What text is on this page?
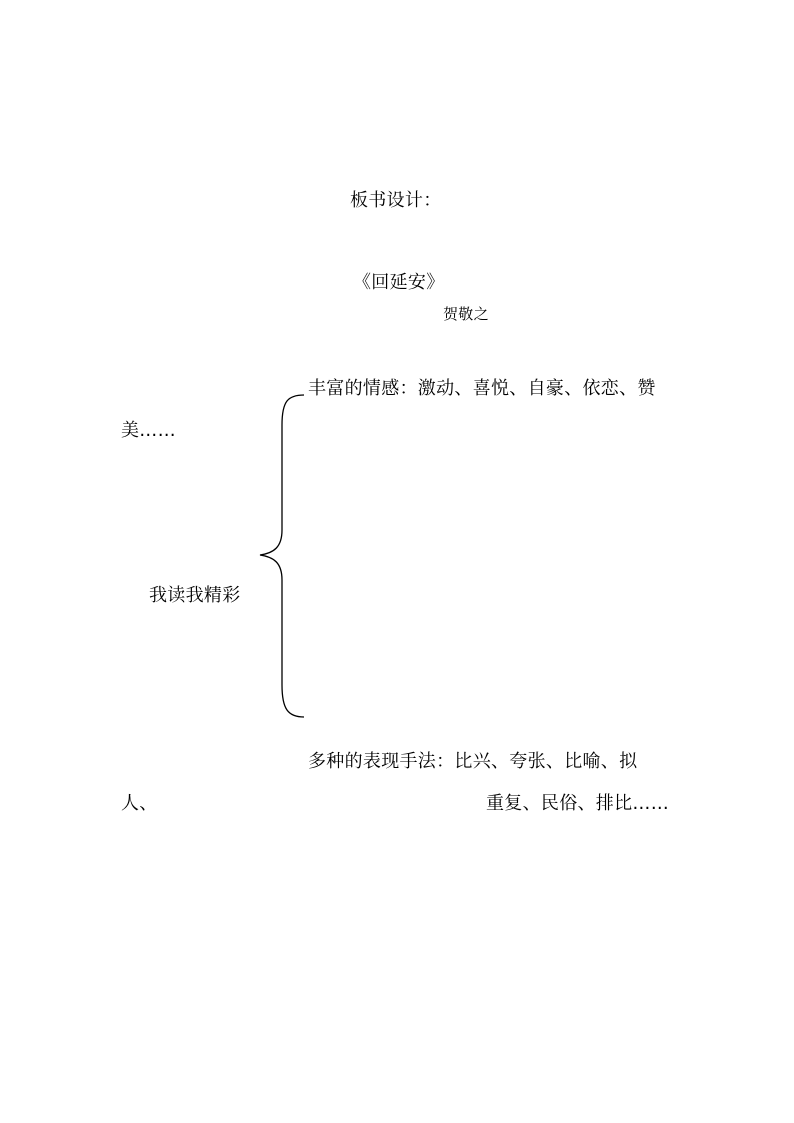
板书设计：
《回延安》
贺敬之
丰富的情感：激动、喜悦、自豪、依恋、赞
美……
我读我精彩
多种的表现手法：比兴、夸张、比喻、拟
人、	重复、民俗、排比……
